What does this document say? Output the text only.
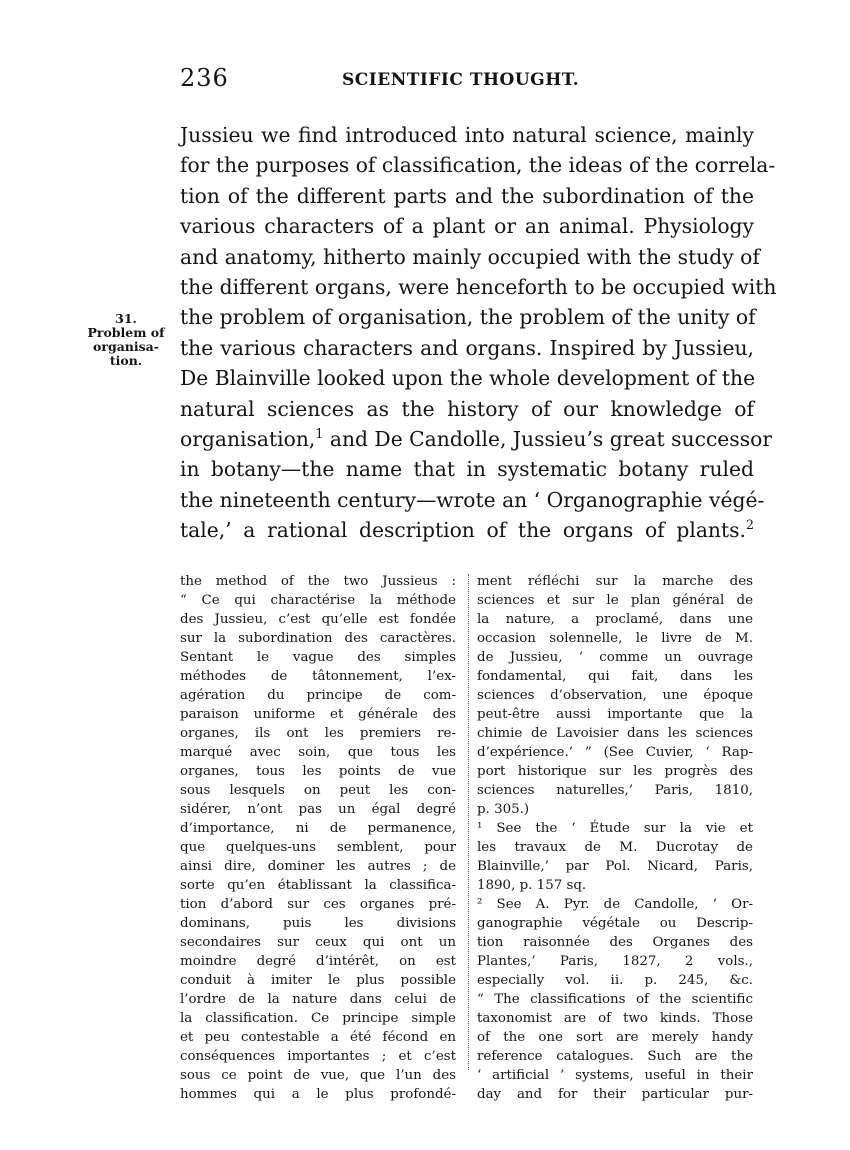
236	SCIENTIFIC THOUGHT.
31.
Problem of
organisa-
tion.
Jussieu we find introduced into natural science, mainly
for the purposes of classification, the ideas of the correla-
tion of the different parts and the subordination of the
various characters of a plant or an animal. Physiology
and anatomy, hitherto mainly occupied with the study of
the different organs, were henceforth to be occupied with
the problem of organisation, the problem of the unity of
the various characters and organs. Inspired by Jussieu,
De Blainville looked upon the whole development of the
natural sciences as the history of our knowledge of
organisation,$^1$ and De Candolle, Jussieu’s great successor
in botany—the name that in systematic botany ruled
the nineteenth century—wrote an ‘ Organographie végé-
tale,’ a rational description of the organs of plants.$^2$
the method of the two Jussieus :
“ Ce qui charactérise la méthode
des Jussieu, c’est qu’elle est fondée
sur la subordination des caractères.
Sentant le vague des simples
méthodes de tâtonnement, l’ex-
agération du principe de com-
paraison uniforme et générale des
organes, ils ont les premiers re-
marqué avec soin, que tous les
organes, tous les points de vue
sous lesquels on peut les con-
sidérer, n’ont pas un égal degré
d’importance, ni de permanence,
que quelques-uns semblent, pour
ainsi dire, dominer les autres ; de
sorte qu’en établissant la classifica-
tion d’abord sur ces organes pré-
dominans, puis les divisions
secondaires sur ceux qui ont un
moindre degré d’intérêt, on est
conduit à imiter le plus possible
l’ordre de la nature dans celui de
la classification. Ce principe simple
et peu contestable a été fécond en
conséquences importantes ; et c’est
sous ce point de vue, que l’un des
hommes qui a le plus profondé-
ment réfléchi sur la marche des
sciences et sur le plan général de
la nature, a proclamé, dans une
occasion solennelle, le livre de M.
de Jussieu, ‘ comme un ouvrage
fondamental, qui fait, dans les
sciences d’observation, une époque
peut-être aussi importante que la
chimie de Lavoisier dans les sciences
d’expérience.’ ” (See Cuvier, ‘ Rap-
port historique sur les progrès des
sciences naturelles,’ Paris, 1810,
p. 305.)
¹ See the ‘ Étude sur la vie et
les travaux de M. Ducrotay de
Blainville,’ par Pol. Nicard, Paris,
1890, p. 157 sq.
² See A. Pyr. de Candolle, ‘ Or-
ganographie végétale ou Descrip-
tion raisonnée des Organes des
Plantes,’ Paris, 1827, 2 vols.,
especially vol. ii. p. 245, &c.
“ The classifications of the scientific
taxonomist are of two kinds. Those
of the one sort are merely handy
reference catalogues. Such are the
‘ artificial ’ systems, useful in their
day and for their particular pur-
